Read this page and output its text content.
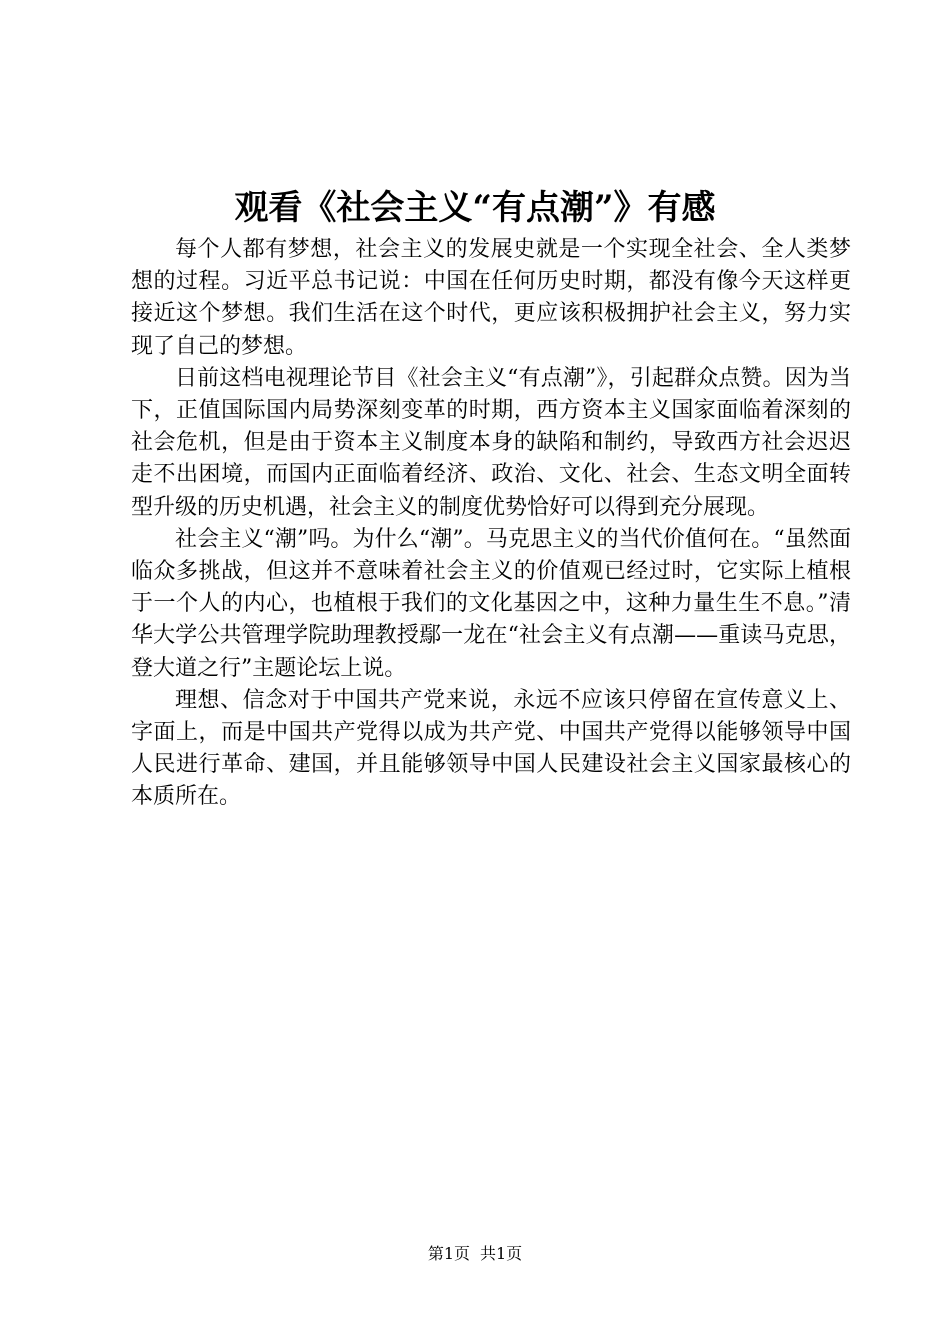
观看《社会主义“有点潮”》有感

每个人都有梦想，社会主义的发展史就是一个实现全社会、全人类梦想的过程。习近平总书记说：中国在任何历史时期，都没有像今天这样更接近这个梦想。我们生活在这个时代，更应该积极拥护社会主义，努力实现了自己的梦想。

日前这档电视理论节目《社会主义“有点潮”》，引起群众点赞。因为当下，正值国际国内局势深刻变革的时期，西方资本主义国家面临着深刻的社会危机，但是由于资本主义制度本身的缺陷和制约，导致西方社会迟迟走不出困境，而国内正面临着经济、政治、文化、社会、生态文明全面转型升级的历史机遇，社会主义的制度优势恰好可以得到充分展现。

社会主义“潮”吗。为什么“潮”。马克思主义的当代价值何在。“虽然面临众多挑战，但这并不意味着社会主义的价值观已经过时，它实际上植根于一个人的内心，也植根于我们的文化基因之中，这种力量生生不息。”清华大学公共管理学院助理教授鄢一龙在“社会主义有点潮——重读马克思，登大道之行”主题论坛上说。

理想、信念对于中国共产党来说，永远不应该只停留在宣传意义上、字面上，而是中国共产党得以成为共产党、中国共产党得以能够领导中国人民进行革命、建国，并且能够领导中国人民建设社会主义国家最核心的本质所在。

第1页 共1页
